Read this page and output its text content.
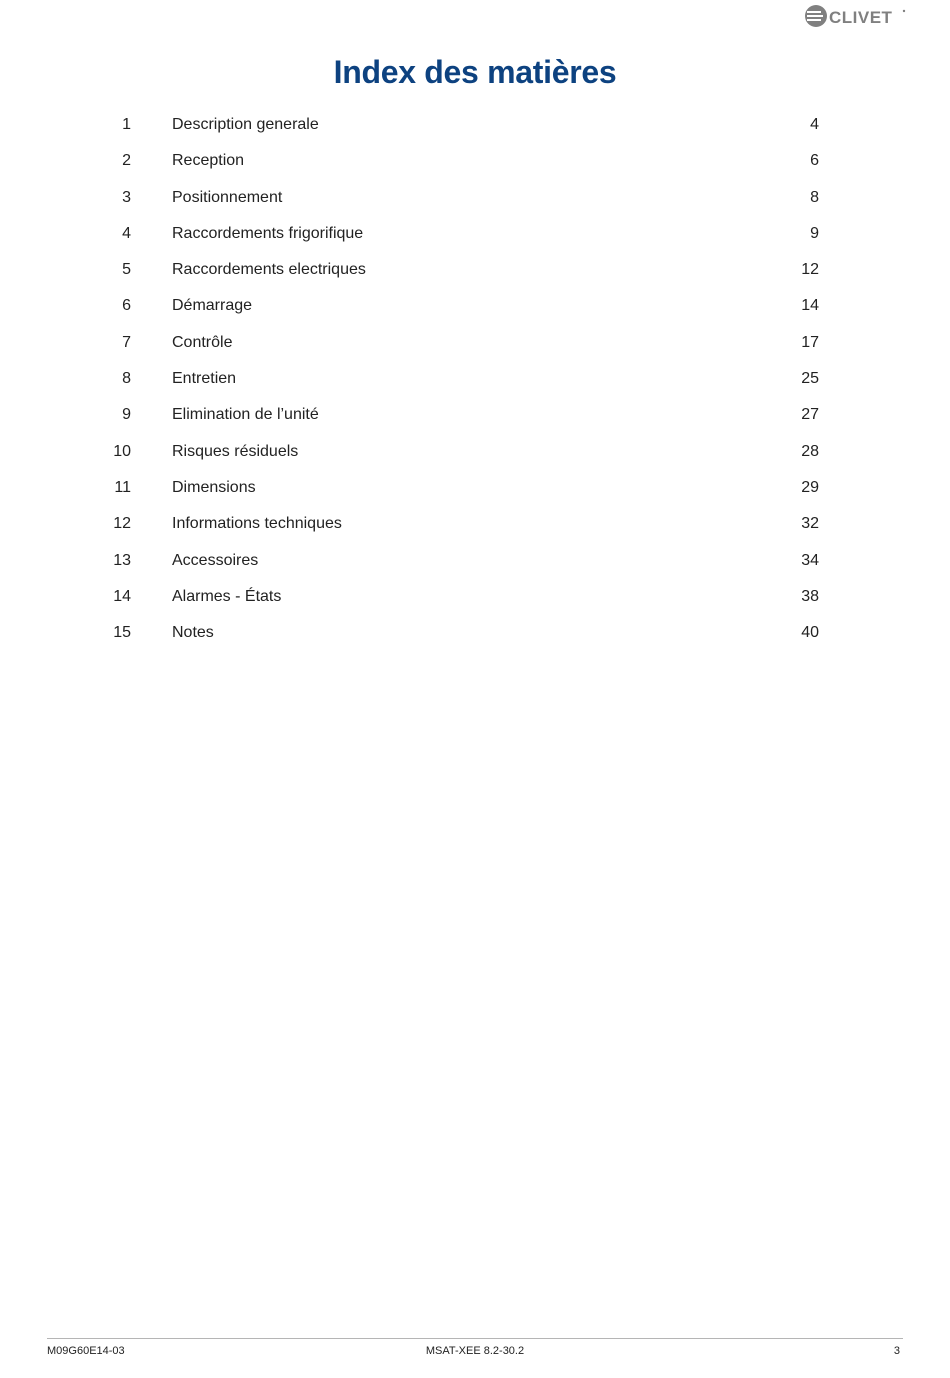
CLIVET
Index des matières
1	Description generale	4
2	Reception	6
3	Positionnement	8
4	Raccordements frigorifique	9
5	Raccordements electriques	12
6	Démarrage	14
7	Contrôle	17
8	Entretien	25
9	Elimination de l’unité	27
10	Risques résiduels	28
11	Dimensions	29
12	Informations techniques	32
13	Accessoires	34
14	Alarmes - États	38
15	Notes	40
M09G60E14-03	MSAT-XEE 8.2-30.2	3
